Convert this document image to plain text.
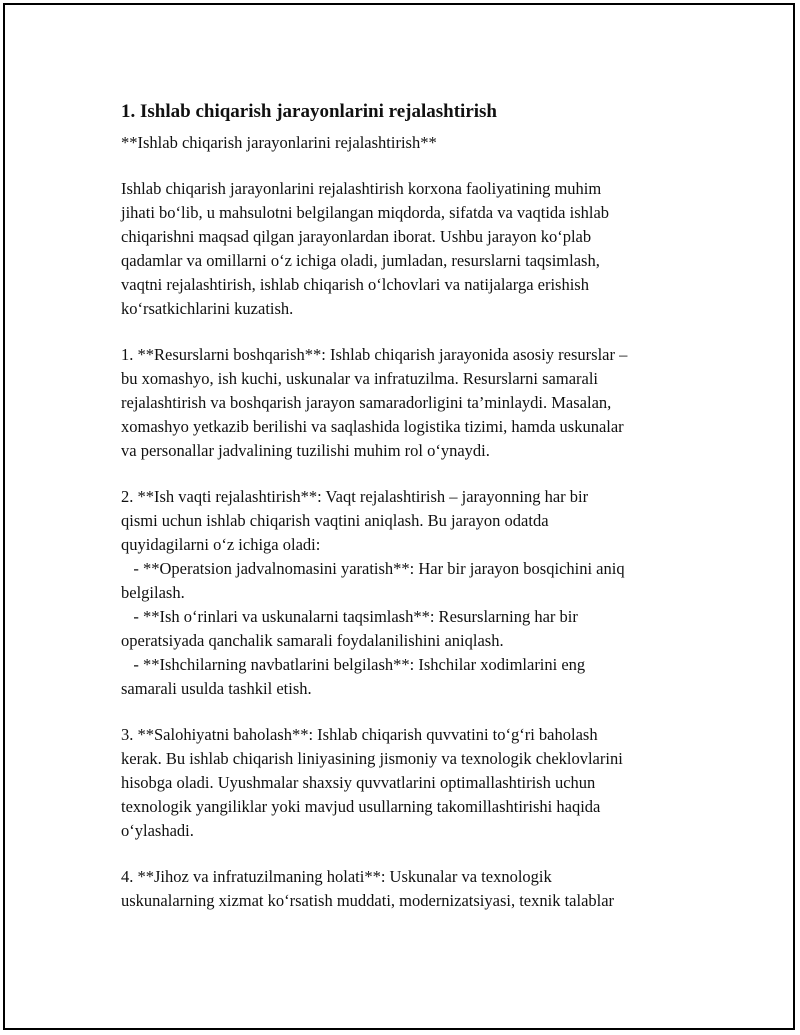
1. Ishlab chiqarish jarayonlarini rejalashtirish
**Ishlab chiqarish jarayonlarini rejalashtirish**
Ishlab chiqarish jarayonlarini rejalashtirish korxona faoliyatining muhim
jihati bo‘lib, u mahsulotni belgilangan miqdorda, sifatda va vaqtida ishlab
chiqarishni maqsad qilgan jarayonlardan iborat. Ushbu jarayon ko‘plab
qadamlar va omillarni o‘z ichiga oladi, jumladan, resurslarni taqsimlash,
vaqtni rejalashtirish, ishlab chiqarish o‘lchovlari va natijalarga erishish
ko‘rsatkichlarini kuzatish.
1. **Resurslarni boshqarish**: Ishlab chiqarish jarayonida asosiy resurslar –
bu xomashyo, ish kuchi, uskunalar va infratuzilma. Resurslarni samarali
rejalashtirish va boshqarish jarayon samaradorligini ta’minlaydi. Masalan,
xomashyo yetkazib berilishi va saqlashida logistika tizimi, hamda uskunalar
va personallar jadvalining tuzilishi muhim rol o‘ynaydi.
2. **Ish vaqti rejalashtirish**: Vaqt rejalashtirish – jarayonning har bir
qismi uchun ishlab chiqarish vaqtini aniqlash. Bu jarayon odatda
quyidagilarni o‘z ichiga oladi:
- **Operatsion jadvalnomasini yaratish**: Har bir jarayon bosqichini aniq
belgilash.
- **Ish o‘rinlari va uskunalarni taqsimlash**: Resurslarning har bir
operatsiyada qanchalik samarali foydalanilishini aniqlash.
- **Ishchilarning navbatlarini belgilash**: Ishchilar xodimlarini eng
samarali usulda tashkil etish.
3. **Salohiyatni baholash**: Ishlab chiqarish quvvatini to‘g‘ri baholash
kerak. Bu ishlab chiqarish liniyasining jismoniy va texnologik cheklovlarini
hisobga oladi. Uyushmalar shaxsiy quvvatlarini optimallashtirish uchun
texnologik yangiliklar yoki mavjud usullarning takomillashtirishi haqida
o‘ylashadi.
4. **Jihoz va infratuzilmaning holati**: Uskunalar va texnologik
uskunalarning xizmat ko‘rsatish muddati, modernizatsiyasi, texnik talablar
